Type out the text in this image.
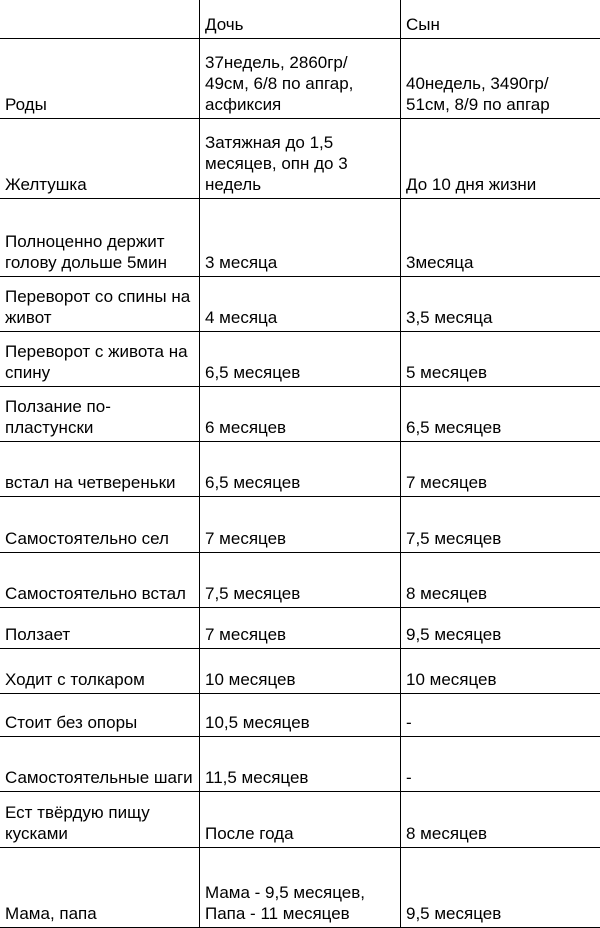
	Дочь	Сын
Роды	37недель, 2860гр/ 49см, 6/8 по апгар, асфиксия	40недель, 3490гр/ 51см, 8/9 по апгар
Желтушка	Затяжная до 1,5 месяцев, опн до 3 недель	До 10 дня жизни
Полноценно держит голову дольше 5мин	3 месяца	3месяца
Переворот со спины на живот	4 месяца	3,5 месяца
Переворот с живота на спину	6,5 месяцев	5 месяцев
Ползание по-пластунски	6 месяцев	6,5 месяцев
встал на четвереньки	6,5 месяцев	7 месяцев
Самостоятельно сел	7 месяцев	7,5 месяцев
Самостоятельно встал	7,5 месяцев	8 месяцев
Ползает	7 месяцев	9,5 месяцев
Ходит с толкаром	10 месяцев	10 месяцев
Стоит без опоры	10,5 месяцев	-
Самостоятельные шаги	11,5 месяцев	-
Ест твёрдую пищу кусками	После года	8 месяцев
Мама, папа	Мама - 9,5 месяцев, Папа - 11 месяцев	9,5 месяцев
